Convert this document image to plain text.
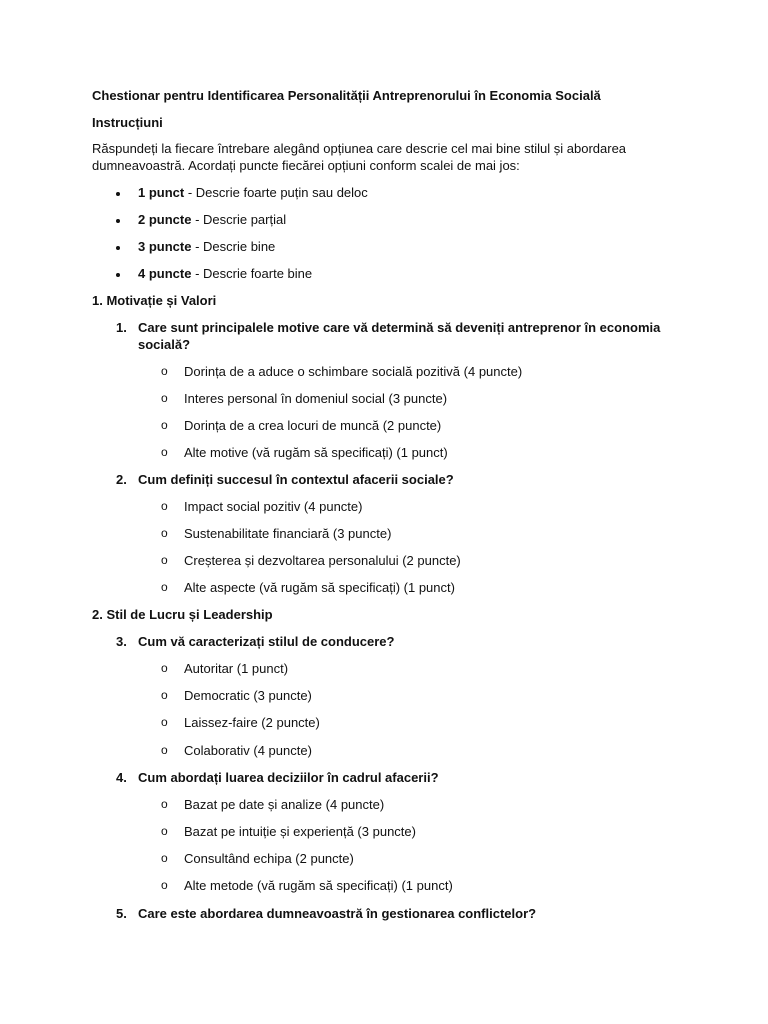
Chestionar pentru Identificarea Personalității Antreprenorului în Economia Socială
Instrucțiuni
Răspundeți la fiecare întrebare alegând opțiunea care descrie cel mai bine stilul și abordarea
dumneavoastră. Acordați puncte fiecărei opțiuni conform scalei de mai jos:
1 punct - Descrie foarte puțin sau deloc
2 puncte - Descrie parțial
3 puncte - Descrie bine
4 puncte - Descrie foarte bine
1. Motivație și Valori
1. Care sunt principalele motive care vă determină să deveniți antreprenor în economia
socială?
o Dorința de a aduce o schimbare socială pozitivă (4 puncte)
o Interes personal în domeniul social (3 puncte)
o Dorința de a crea locuri de muncă (2 puncte)
o Alte motive (vă rugăm să specificați) (1 punct)
2. Cum definiți succesul în contextul afacerii sociale?
o Impact social pozitiv (4 puncte)
o Sustenabilitate financiară (3 puncte)
o Creșterea și dezvoltarea personalului (2 puncte)
o Alte aspecte (vă rugăm să specificați) (1 punct)
2. Stil de Lucru și Leadership
3. Cum vă caracterizați stilul de conducere?
o Autoritar (1 punct)
o Democratic (3 puncte)
o Laissez-faire (2 puncte)
o Colaborativ (4 puncte)
4. Cum abordați luarea deciziilor în cadrul afacerii?
o Bazat pe date și analize (4 puncte)
o Bazat pe intuiție și experiență (3 puncte)
o Consultând echipa (2 puncte)
o Alte metode (vă rugăm să specificați) (1 punct)
5. Care este abordarea dumneavoastră în gestionarea conflictelor?
